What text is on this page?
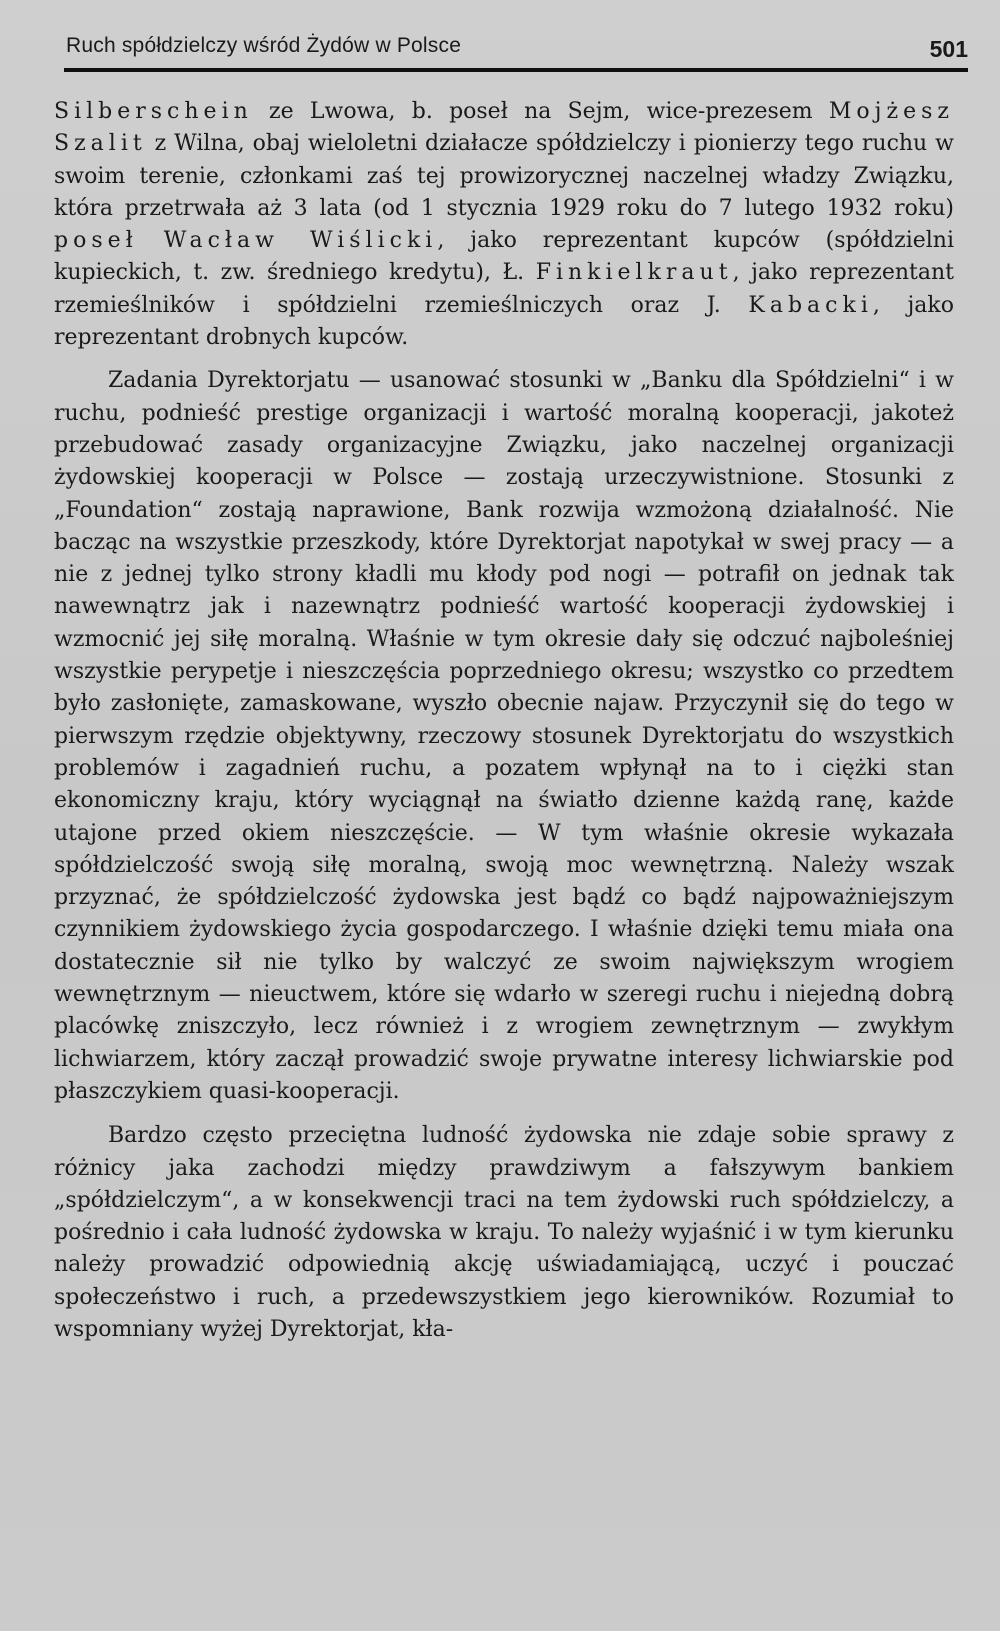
Ruch spółdzielczy wśród Żydów w Polsce	501

Silberschein ze Lwowa, b. poseł na Sejm, wice-prezesem Mojżesz Szalit z Wilna, obaj wieloletni działacze spółdzielczy i pionierzy tego ruchu w swoim terenie, członkami zaś tej prowizorycznej naczelnej władzy Związku, która przetrwała aż 3 lata (od 1 stycznia 1929 roku do 7 lutego 1932 roku) poseł Wacław Wiślicki, jako reprezentant kupców (spółdzielni kupieckich, t. zw. średniego kredytu), Ł. Finkielkraut, jako reprezentant rzemieślników i spółdzielni rzemieślniczych oraz J. Kabacki, jako reprezentant drobnych kupców.

Zadania Dyrektorjatu — usanować stosunki w „Banku dla Spółdzielni“ i w ruchu, podnieść prestige organizacji i wartość moralną kooperacji, jakoteż przebudować zasady organizacyjne Związku, jako naczelnej organizacji żydowskiej kooperacji w Polsce — zostają urzeczywistnione. Stosunki z „Foundation“ zostają naprawione, Bank rozwija wzmożoną działalność. Nie bacząc na wszystkie przeszkody, które Dyrektorjat napotykał w swej pracy — a nie z jednej tylko strony kładli mu kłody pod nogi — potrafił on jednak tak nawewnątrz jak i nazewnątrz podnieść wartość kooperacji żydowskiej i wzmocnić jej siłę moralną. Właśnie w tym okresie dały się odczuć najboleśniej wszystkie perypetje i nieszczęścia poprzedniego okresu; wszystko co przedtem było zasłonięte, zamaskowane, wyszło obecnie najaw. Przyczynił się do tego w pierwszym rzędzie objektywny, rzeczowy stosunek Dyrektorjatu do wszystkich problemów i zagadnień ruchu, a pozatem wpłynął na to i ciężki stan ekonomiczny kraju, który wyciągnął na światło dzienne każdą ranę, każde utajone przed okiem nieszczęście. — W tym właśnie okresie wykazała spółdzielczość swoją siłę moralną, swoją moc wewnętrzną. Należy wszak przyznać, że spółdzielczość żydowska jest bądź co bądź najpoważniejszym czynnikiem żydowskiego życia gospodarczego. I właśnie dzięki temu miała ona dostatecznie sił nie tylko by walczyć ze swoim największym wrogiem wewnętrznym — nieuctwem, które się wdarło w szeregi ruchu i niejedną dobrą placówkę zniszczyło, lecz również i z wrogiem zewnętrznym — zwykłym lichwiarzem, który zaczął prowadzić swoje prywatne interesy lichwiarskie pod płaszczykiem quasi-kooperacji.

Bardzo często przeciętna ludność żydowska nie zdaje sobie sprawy z różnicy jaka zachodzi między prawdziwym a fałszywym bankiem „spółdzielczym“, a w konsekwencji traci na tem żydowski ruch spółdzielczy, a pośrednio i cała ludność żydowska w kraju. To należy wyjaśnić i w tym kierunku należy prowadzić odpowiednią akcję uświadamiającą, uczyć i pouczać społeczeństwo i ruch, a przedewszystkiem jego kierowników. Rozumiał to wspomniany wyżej Dyrektorjat, kła-
